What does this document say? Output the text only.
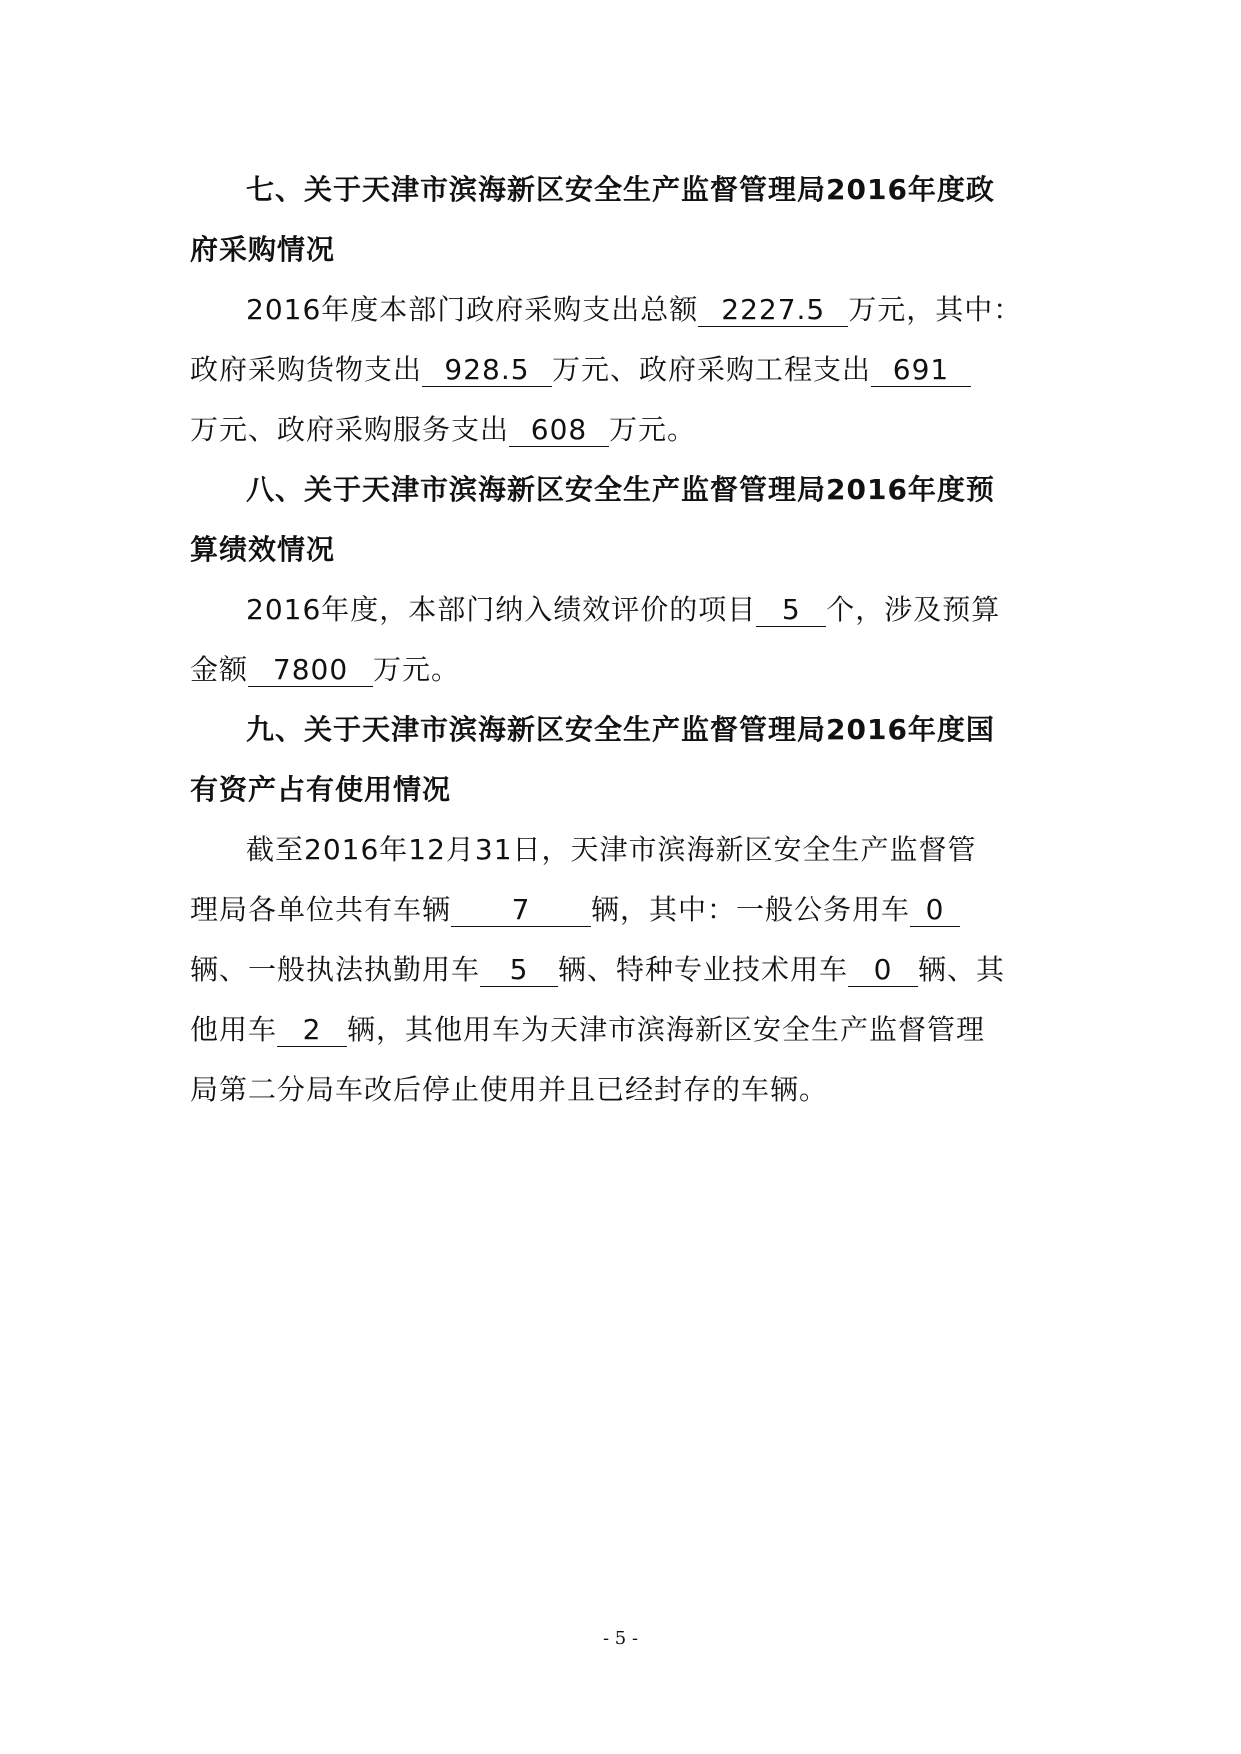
七、关于天津市滨海新区安全生产监督管理局2016年度政
府采购情况
2016年度本部门政府采购支出总额 2227.5 万元，其中：
政府采购货物支出 928.5 万元、政府采购工程支出 691
万元、政府采购服务支出 608 万元。
八、关于天津市滨海新区安全生产监督管理局2016年度预
算绩效情况
2016年度，本部门纳入绩效评价的项目 5 个，涉及预算
金额 7800 万元。
九、关于天津市滨海新区安全生产监督管理局2016年度国
有资产占有使用情况
截至2016年12月31日，天津市滨海新区安全生产监督管
理局各单位共有车辆 7 辆，其中：一般公务用车 0
辆、一般执法执勤用车 5 辆、特种专业技术用车 0 辆、其
他用车 2 辆，其他用车为天津市滨海新区安全生产监督管理
局第二分局车改后停止使用并且已经封存的车辆。
- 5 -
